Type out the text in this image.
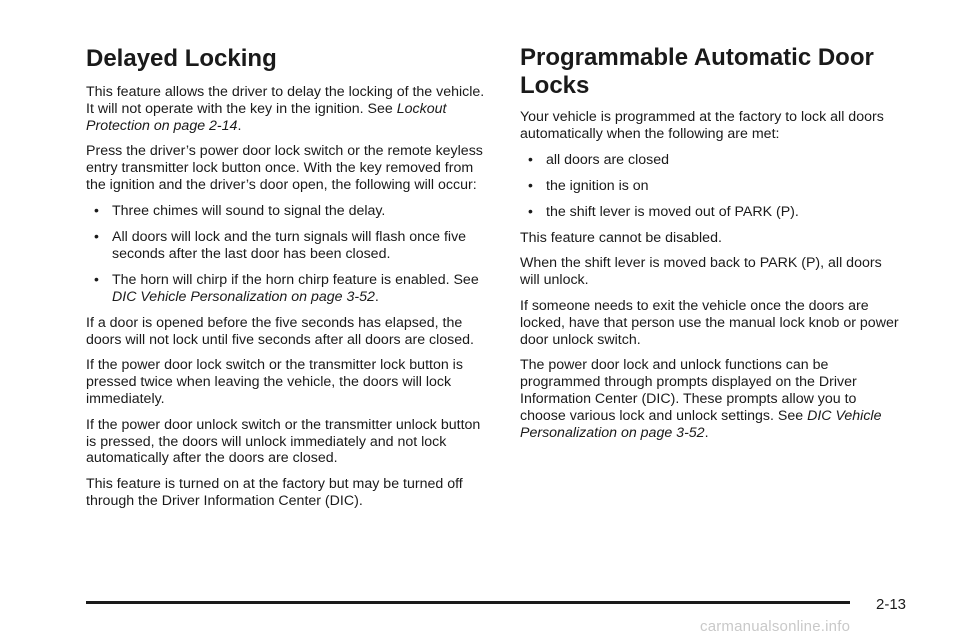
Delayed Locking

This feature allows the driver to delay the locking of the vehicle. It will not operate with the key in the ignition. See Lockout Protection on page 2-14.

Press the driver’s power door lock switch or the remote keyless entry transmitter lock button once. With the key removed from the ignition and the driver’s door open, the following will occur:

• Three chimes will sound to signal the delay.
• All doors will lock and the turn signals will flash once five seconds after the last door has been closed.
• The horn will chirp if the horn chirp feature is enabled. See DIC Vehicle Personalization on page 3-52.

If a door is opened before the five seconds has elapsed, the doors will not lock until five seconds after all doors are closed.

If the power door lock switch or the transmitter lock button is pressed twice when leaving the vehicle, the doors will lock immediately.

If the power door unlock switch or the transmitter unlock button is pressed, the doors will unlock immediately and not lock automatically after the doors are closed.

This feature is turned on at the factory but may be turned off through the Driver Information Center (DIC).

Programmable Automatic Door Locks

Your vehicle is programmed at the factory to lock all doors automatically when the following are met:

• all doors are closed
• the ignition is on
• the shift lever is moved out of PARK (P).

This feature cannot be disabled.

When the shift lever is moved back to PARK (P), all doors will unlock.

If someone needs to exit the vehicle once the doors are locked, have that person use the manual lock knob or power door unlock switch.

The power door lock and unlock functions can be programmed through prompts displayed on the Driver Information Center (DIC). These prompts allow you to choose various lock and unlock settings. See DIC Vehicle Personalization on page 3-52.

2-13
carmanualsonline.info
